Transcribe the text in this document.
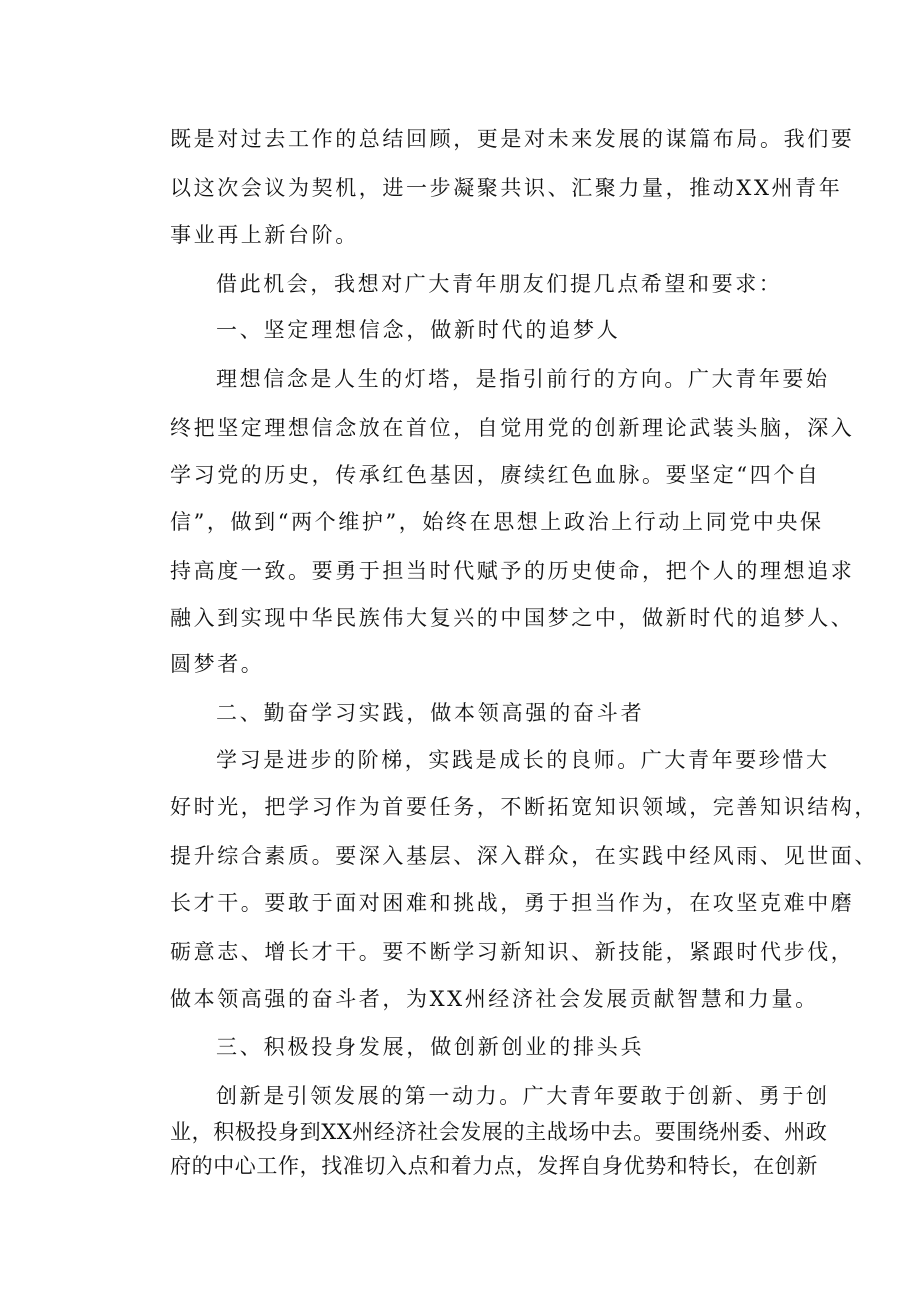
既是对过去工作的总结回顾，更是对未来发展的谋篇布局。我们要
以这次会议为契机，进一步凝聚共识、汇聚力量，推动XX州青年
事业再上新台阶。
借此机会，我想对广大青年朋友们提几点希望和要求：
一、坚定理想信念，做新时代的追梦人
理想信念是人生的灯塔，是指引前行的方向。广大青年要始
终把坚定理想信念放在首位，自觉用党的创新理论武装头脑，深入
学习党的历史，传承红色基因，赓续红色血脉。要坚定“四个自
信”，做到“两个维护”，始终在思想上政治上行动上同党中央保
持高度一致。要勇于担当时代赋予的历史使命，把个人的理想追求
融入到实现中华民族伟大复兴的中国梦之中，做新时代的追梦人、
圆梦者。
二、勤奋学习实践，做本领高强的奋斗者
学习是进步的阶梯，实践是成长的良师。广大青年要珍惜大
好时光，把学习作为首要任务，不断拓宽知识领域，完善知识结构，
提升综合素质。要深入基层、深入群众，在实践中经风雨、见世面、
长才干。要敢于面对困难和挑战，勇于担当作为，在攻坚克难中磨
砺意志、增长才干。要不断学习新知识、新技能，紧跟时代步伐，
做本领高强的奋斗者，为XX州经济社会发展贡献智慧和力量。
三、积极投身发展，做创新创业的排头兵
创新是引领发展的第一动力。广大青年要敢于创新、勇于创
业，积极投身到XX州经济社会发展的主战场中去。要围绕州委、州政
府的中心工作，找准切入点和着力点，发挥自身优势和特长，在创新
